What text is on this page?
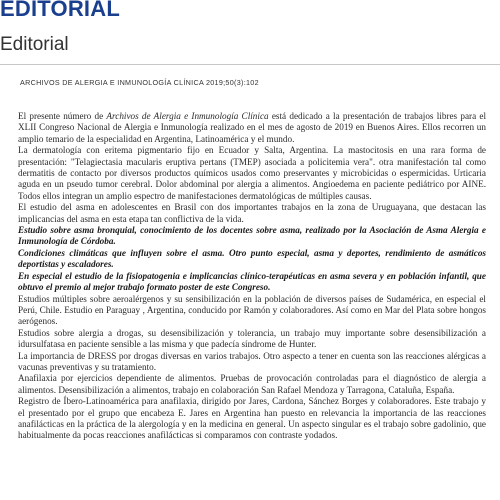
EDITORIAL
Editorial
ARCHIVOS DE ALERGIA E INMUNOLOGÍA CLÍNICA 2019;50(3):102

El presente número de Archivos de Alergia e Inmunología Clínica está dedicado a la presentación de trabajos libres para el XLII Congreso Nacional de Alergia e Inmunología realizado en el mes de agosto de 2019 en Buenos Aires. Ellos recorren un amplio temario de la especialidad en Argentina, Latinoamérica y el mundo.

La dermatología con eritema pigmentario fijo en Ecuador y Salta, Argentina. La mastocitosis en una rara forma de presentación: "Telagiectasia macularis eruptiva pertans (TMEP) asociada a policitemia vera". otra manifestación tal como dermatitis de contacto por diversos productos químicos usados como preservantes y microbicidas o espermicidas. Urticaria aguda en un pseudo tumor cerebral. Dolor abdominal por alergia a alimentos. Angioedema en paciente pediátrico por AINE. Todos ellos integran un amplio espectro de manifestaciones dermatológicas de múltiples causas.

El estudio del asma en adolescentes en Brasil con dos importantes trabajos en la zona de Uruguayana, que destacan las implicancias del asma en esta etapa tan conflictiva de la vida.

Estudio sobre asma bronquial, conocimiento de los docentes sobre asma, realizado por la Asociación de Asma Alergia e Inmunología de Córdoba.

Condiciones climáticas que influyen sobre el asma. Otro punto especial, asma y deportes, rendimiento de asmáticos deportistas y escaladores.

En especial el estudio de la fisiopatogenia e implicancias clínico-terapéuticas en asma severa y en población infantil, que obtuvo el premio al mejor trabajo formato poster de este Congreso.

Estudios múltiples sobre aeroalérgenos y su sensibilización en la población de diversos países de Sudamérica, en especial el Perú, Chile. Estudio en Paraguay , Argentina, conducido por Ramón y colaboradores. Así como en Mar del Plata sobre hongos aerógenos.

Estudios sobre alergia a drogas, su desensibilización y tolerancia, un trabajo muy importante sobre desensibilización a idursulfatasa en paciente sensible a las misma y que padecía síndrome de Hunter.

La importancia de DRESS por drogas diversas en varios trabajos. Otro aspecto a tener en cuenta son las reacciones alérgicas a vacunas preventivas y su tratamiento.

Anafilaxia por ejercicios dependiente de alimentos. Pruebas de provocación controladas para el diagnóstico de alergia a alimentos. Desensibilización a alimentos, trabajo en colaboración San Rafael Mendoza y Tarragona, Cataluña, España.

Registro de Íbero-Latinoamérica para anafilaxia, dirigido por Jares, Cardona, Sánchez Borges y colaboradores. Este trabajo y el presentado por el grupo que encabeza E. Jares en Argentina han puesto en relevancia la importancia de las reacciones anafilácticas en la práctica de la alergología y en la medicina en general. Un aspecto singular es el trabajo sobre gadolinio, que habitualmente da pocas reacciones anafilácticas si comparamos con contraste yodados.
